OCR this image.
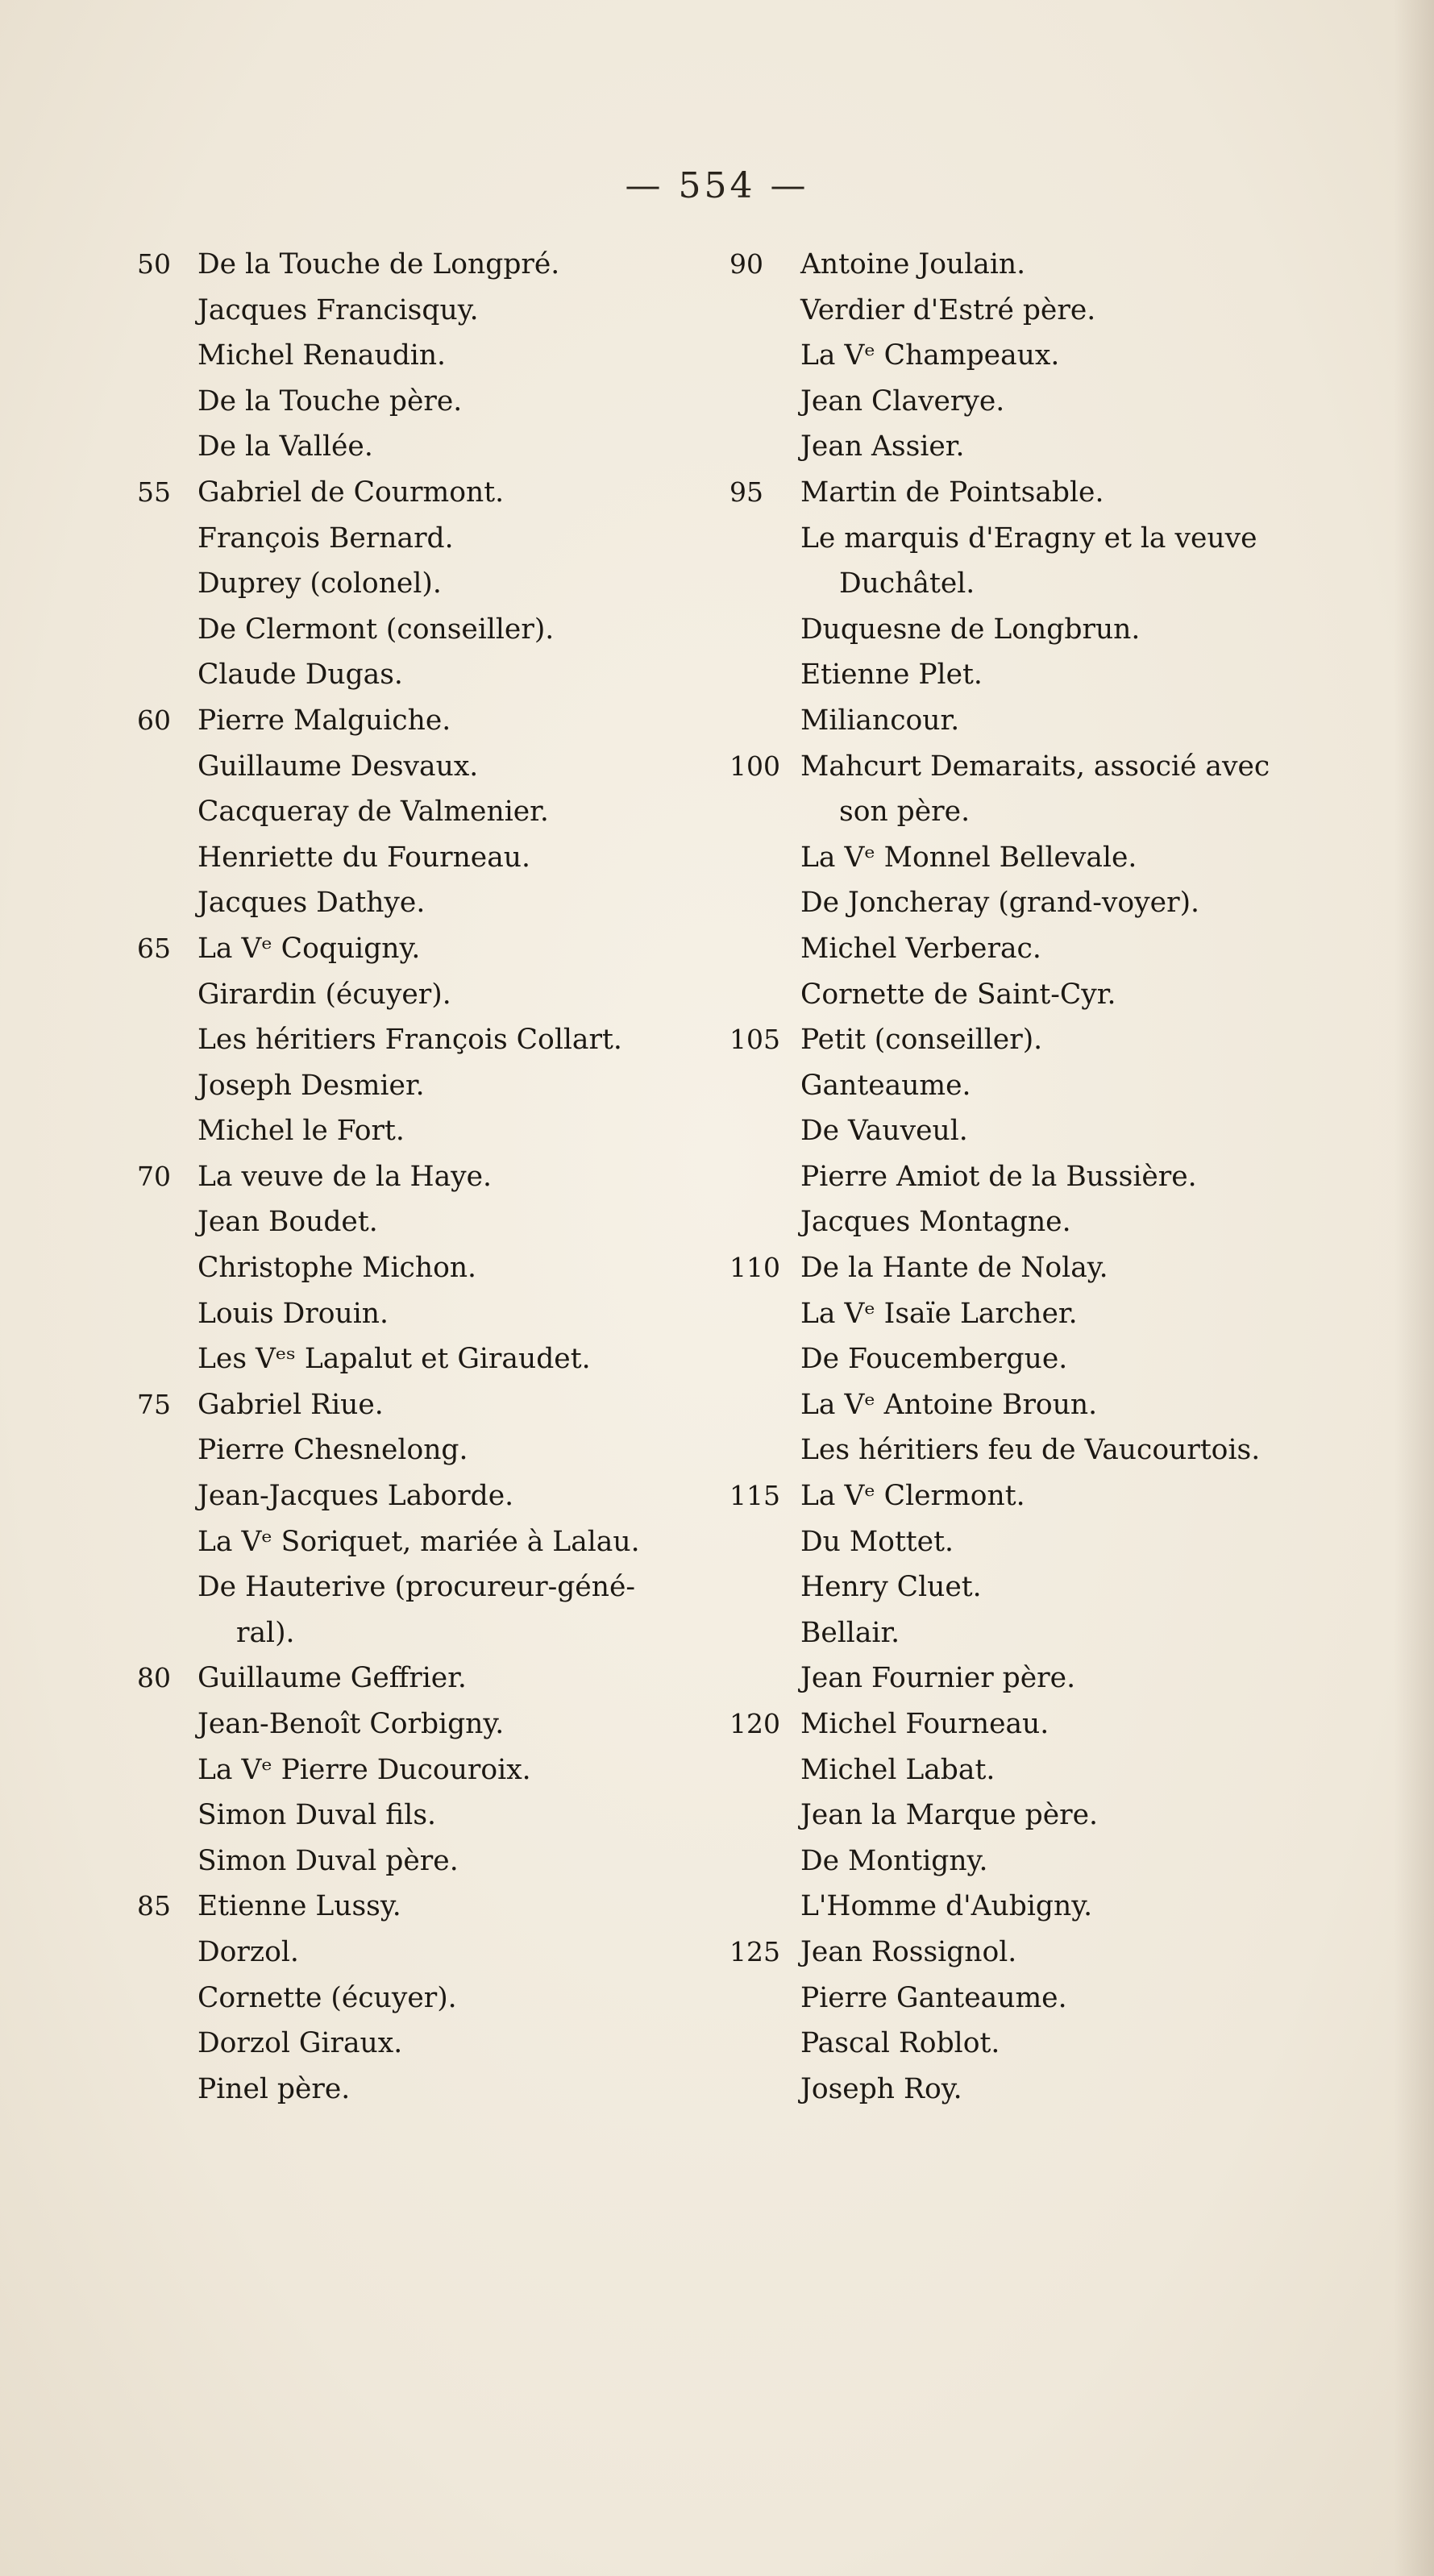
— 554 —
50 De la Touche de Longpré.
Jacques Francisquy.
Michel Renaudin.
De la Touche père.
De la Vallée.
55 Gabriel de Courmont.
François Bernard.
Duprey (colonel).
De Clermont (conseiller).
Claude Dugas.
60 Pierre Malguiche.
Guillaume Desvaux.
Cacqueray de Valmenier.
Henriette du Fourneau.
Jacques Dathye.
65 La Vᵉ Coquigny.
Girardin (écuyer).
Les héritiers François Collart.
Joseph Desmier.
Michel le Fort.
70 La veuve de la Haye.
Jean Boudet.
Christophe Michon.
Louis Drouin.
Les Vᵉˢ Lapalut et Giraudet.
75 Gabriel Riue.
Pierre Chesnelong.
Jean-Jacques Laborde.
La Vᵉ Soriquet, mariée à Lalau.
De Hauterive (procureur-géné-
ral).
80 Guillaume Geffrier.
Jean-Benoît Corbigny.
La Vᵉ Pierre Ducouroix.
Simon Duval fils.
Simon Duval père.
85 Etienne Lussy.
Dorzol.
Cornette (écuyer).
Dorzol Giraux.
Pinel père.
90	Antoine Joulain.
Verdier d'Estré père.
La Vᵉ Champeaux.
Jean Claverye.
Jean Assier.
95	Martin de Pointsable.
Le marquis d'Eragny et la veuve
Duchâtel.
Duquesne de Longbrun.
Etienne Plet.
Miliancour.
100 Mahcurt Demaraits, associé avec
son père.
La Vᵉ Monnel Bellevale.
De Joncheray (grand-voyer).
Michel Verberac.
Cornette de Saint-Cyr.
105 Petit (conseiller).
Ganteaume.
De Vauveul.
Pierre Amiot de la Bussière.
Jacques Montagne.
110 De la Hante de Nolay.
La Vᵉ Isaïe Larcher.
De Foucembergue.
La Vᵉ Antoine Broun.
Les héritiers feu de Vaucourtois.
115 La Vᵉ Clermont.
Du Mottet.
Henry Cluet.
Bellair.
Jean Fournier père.
120 Michel Fourneau.
Michel Labat.
Jean la Marque père.
De Montigny.
L'Homme d'Aubigny.
125 Jean Rossignol.
Pierre Ganteaume.
Pascal Roblot.
Joseph Roy.
